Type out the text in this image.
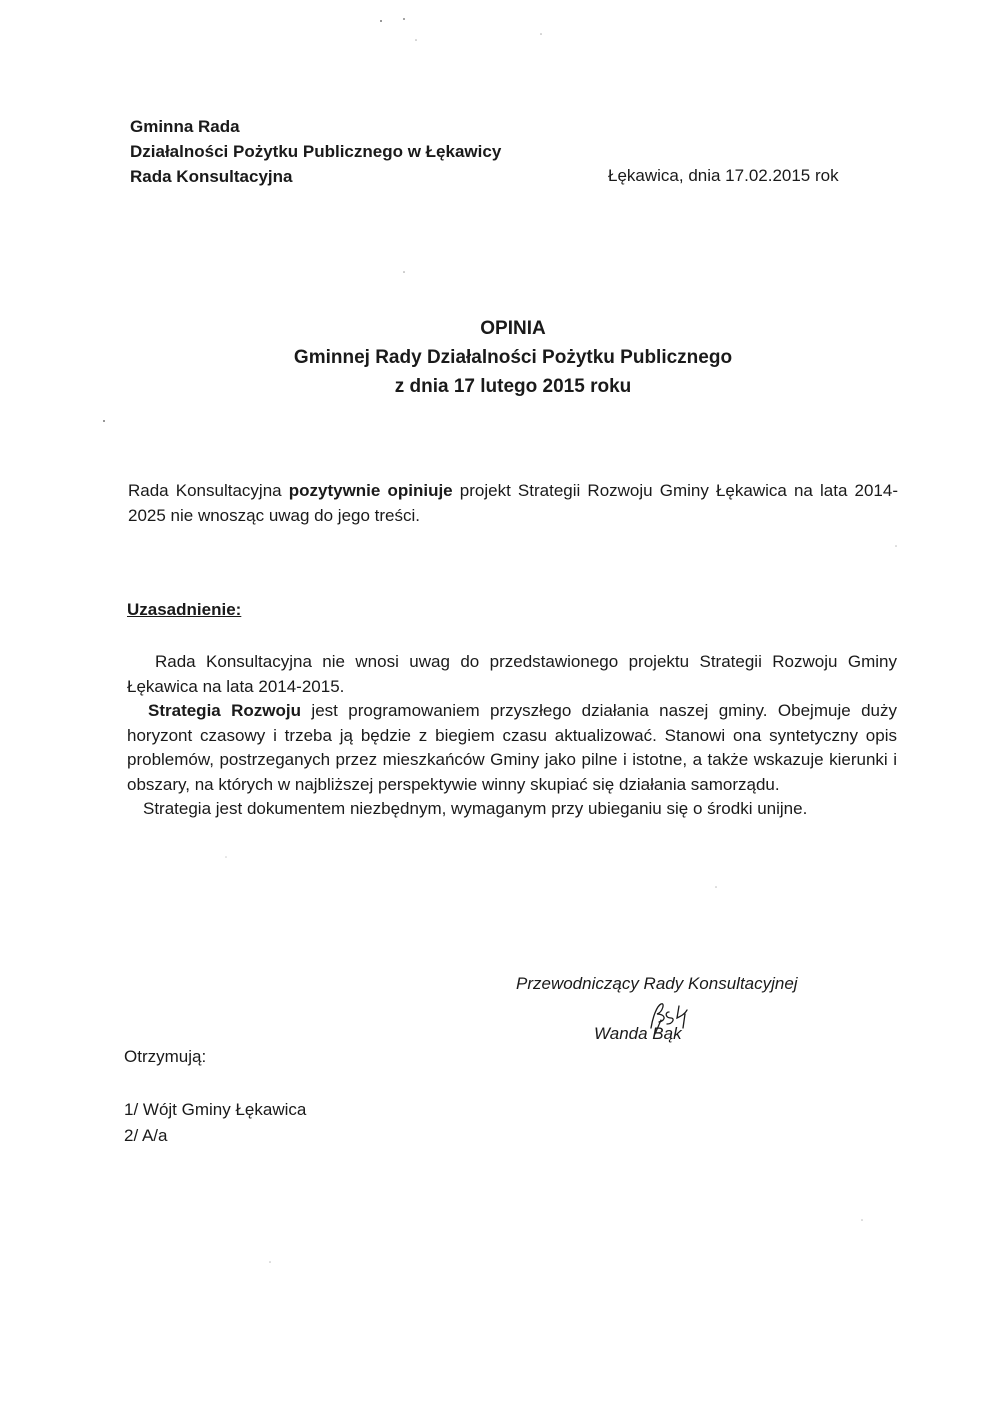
Gminna Rada
Działalności Pożytku Publicznego w Łękawicy
Rada Konsultacyjna	Łękawica, dnia 17.02.2015 rok
OPINIA
Gminnej Rady Działalności Pożytku Publicznego
z dnia 17 lutego 2015 roku
Rada Konsultacyjna pozytywnie opiniuje projekt Strategii Rozwoju Gminy Łękawica na lata 2014-2025 nie wnosząc uwag do jego treści.
Uzasadnienie:

Rada Konsultacyjna nie wnosi uwag do przedstawionego projektu Strategii Rozwoju Gminy Łękawica na lata 2014-2015.

Strategia Rozwoju jest programowaniem przyszłego działania naszej gminy. Obejmuje duży horyzont czasowy i trzeba ją będzie z biegiem czasu aktualizować. Stanowi ona syntetyczny opis problemów, postrzeganych przez mieszkańców Gminy jako pilne i istotne, a także wskazuje kierunki i obszary, na których w najbliższej perspektywie winny skupiać się działania samorządu.

Strategia jest dokumentem niezbędnym, wymaganym przy ubieganiu się o środki unijne.

Przewodniczący Rady Konsultacyjnej
Wanda Bąk
Otrzymują:
1/ Wójt Gminy Łękawica
2/ A/a
